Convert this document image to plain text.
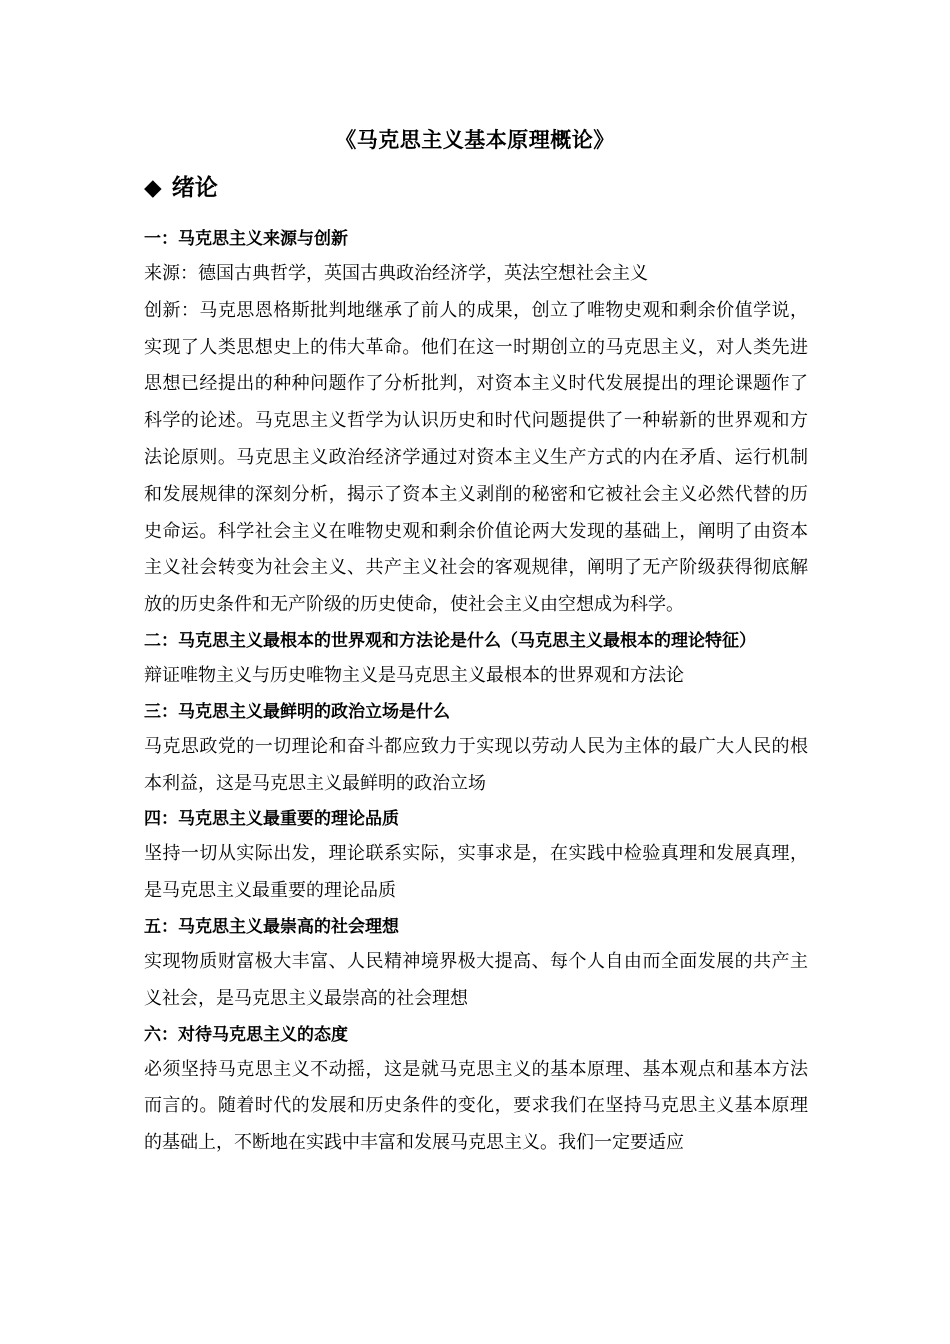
《马克思主义基本原理概论》
◆ 绪论
一：马克思主义来源与创新
来源：德国古典哲学，英国古典政治经济学，英法空想社会主义
创新：马克思恩格斯批判地继承了前人的成果，创立了唯物史观和剩余价值学说，实现了人类思想史上的伟大革命。他们在这一时期创立的马克思主义，对人类先进思想已经提出的种种问题作了分析批判，对资本主义时代发展提出的理论课题作了科学的论述。马克思主义哲学为认识历史和时代问题提供了一种崭新的世界观和方法论原则。马克思主义政治经济学通过对资本主义生产方式的内在矛盾、运行机制和发展规律的深刻分析，揭示了资本主义剥削的秘密和它被社会主义必然代替的历史命运。科学社会主义在唯物史观和剩余价值论两大发现的基础上，阐明了由资本主义社会转变为社会主义、共产主义社会的客观规律，阐明了无产阶级获得彻底解放的历史条件和无产阶级的历史使命，使社会主义由空想成为科学。
二：马克思主义最根本的世界观和方法论是什么（马克思主义最根本的理论特征）
辩证唯物主义与历史唯物主义是马克思主义最根本的世界观和方法论
三：马克思主义最鲜明的政治立场是什么
马克思政党的一切理论和奋斗都应致力于实现以劳动人民为主体的最广大人民的根本利益，这是马克思主义最鲜明的政治立场
四：马克思主义最重要的理论品质
坚持一切从实际出发，理论联系实际，实事求是，在实践中检验真理和发展真理，是马克思主义最重要的理论品质
五：马克思主义最崇高的社会理想
实现物质财富极大丰富、人民精神境界极大提高、每个人自由而全面发展的共产主义社会，是马克思主义最崇高的社会理想
六：对待马克思主义的态度
必须坚持马克思主义不动摇，这是就马克思主义的基本原理、基本观点和基本方法而言的。随着时代的发展和历史条件的变化，要求我们在坚持马克思主义基本原理的基础上，不断地在实践中丰富和发展马克思主义。我们一定要适应
